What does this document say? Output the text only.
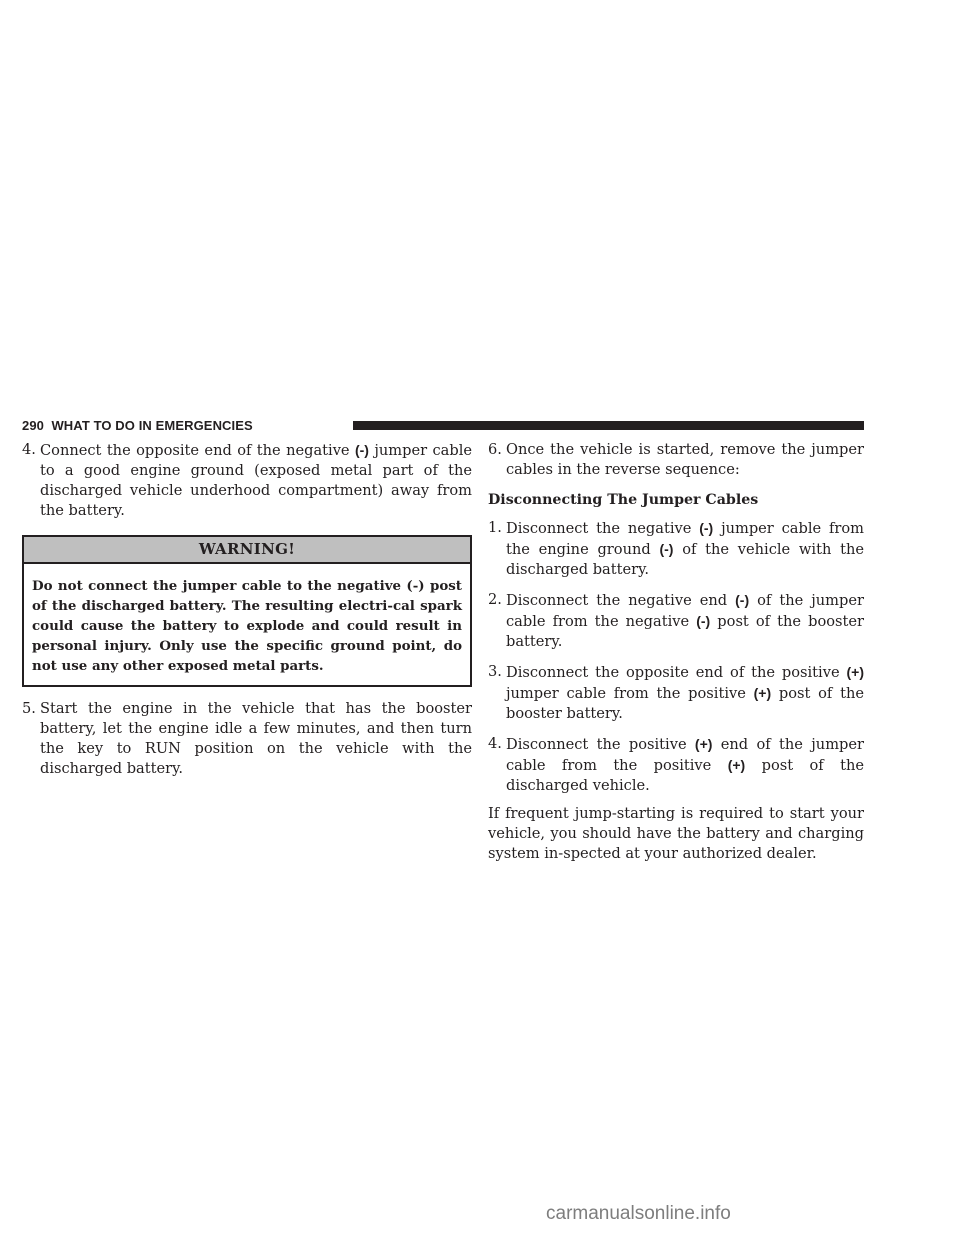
290 WHAT TO DO IN EMERGENCIES
4. Connect the opposite end of the negative (-) jumper cable to a good engine ground (exposed metal part of the discharged vehicle underhood compartment) away from the battery.
WARNING!
Do not connect the jumper cable to the negative (-) post of the discharged battery. The resulting electri-cal spark could cause the battery to explode and could result in personal injury. Only use the specific ground point, do not use any other exposed metal parts.
5. Start the engine in the vehicle that has the booster battery, let the engine idle a few minutes, and then turn the key to RUN position on the vehicle with the discharged battery.
6. Once the vehicle is started, remove the jumper cables in the reverse sequence:
Disconnecting The Jumper Cables
1. Disconnect the negative (-) jumper cable from the engine ground (-) of the vehicle with the discharged battery.
2. Disconnect the negative end (-) of the jumper cable from the negative (-) post of the booster battery.
3. Disconnect the opposite end of the positive (+) jumper cable from the positive (+) post of the booster battery.
4. Disconnect the positive (+) end of the jumper cable from the positive (+) post of the discharged vehicle.

If frequent jump-starting is required to start your vehicle, you should have the battery and charging system in-spected at your authorized dealer.

carmanualsonline.info
